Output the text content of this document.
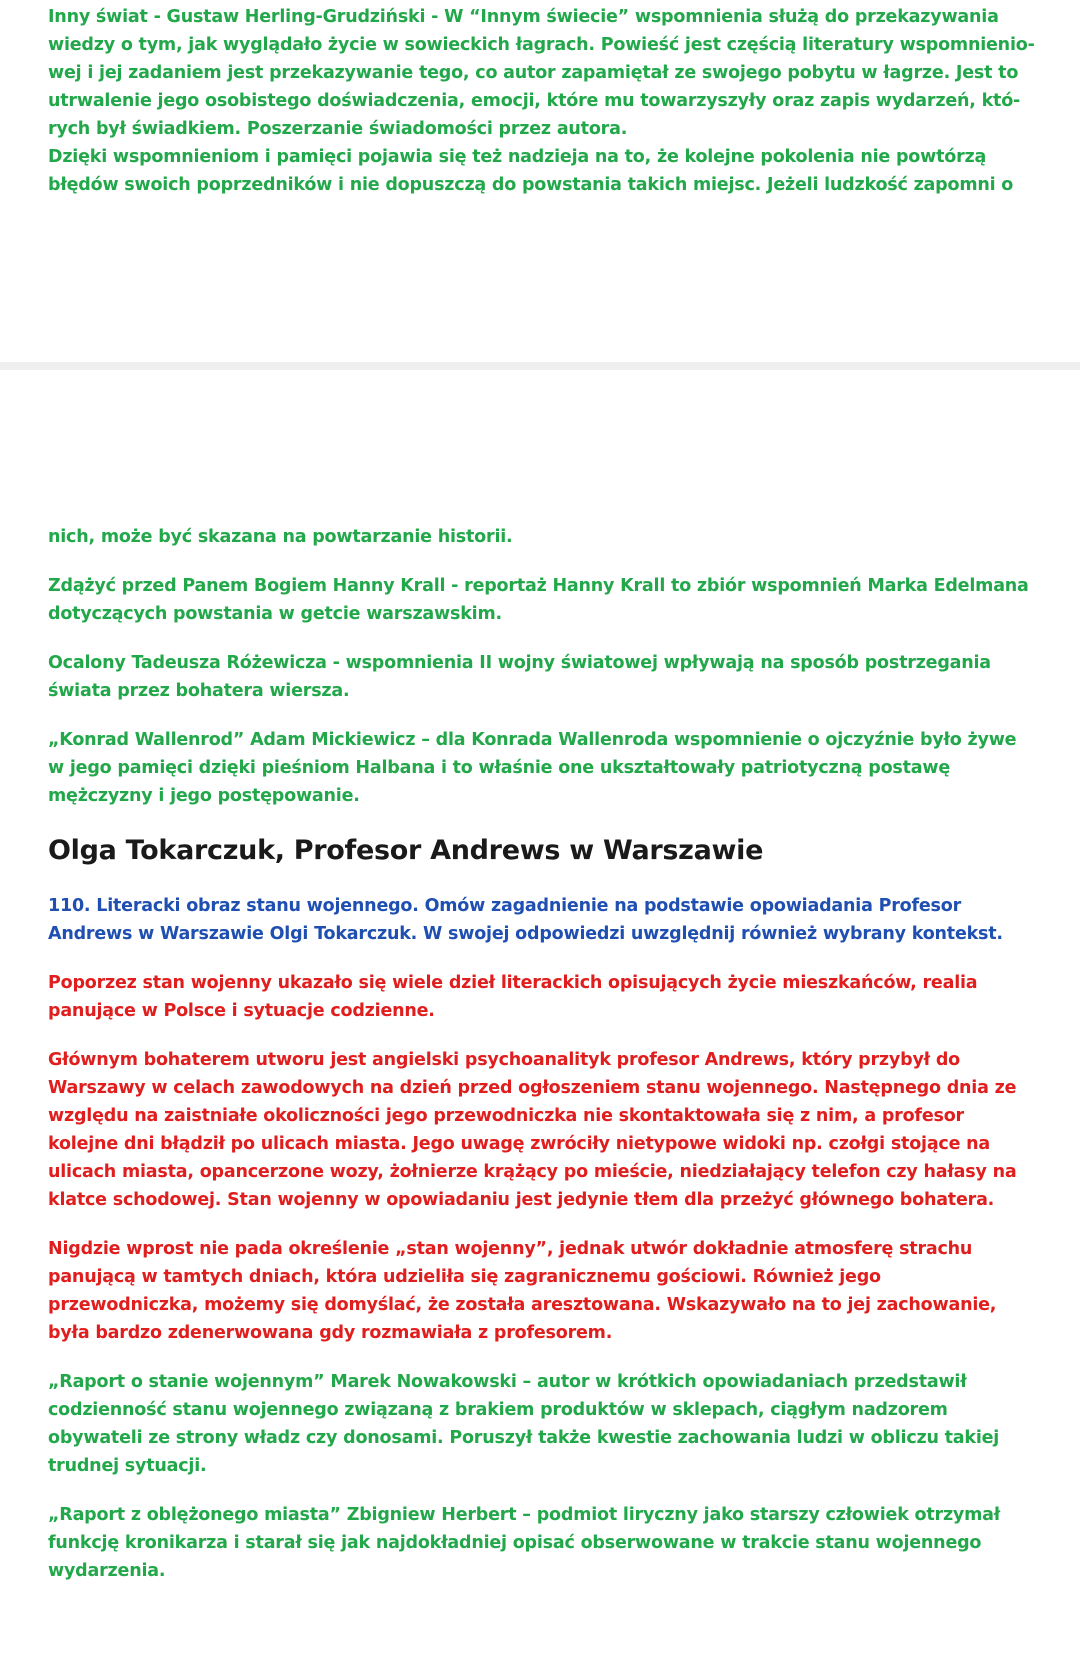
Inny świat - Gustaw Herling-Grudziński - W “Innym świecie” wspomnienia służą do przekazywania
wiedzy o tym, jak wyglądało życie w sowieckich łagrach. Powieść jest częścią literatury wspomnienio-
wej i jej zadaniem jest przekazywanie tego, co autor zapamiętał ze swojego pobytu w łagrze. Jest to
utrwalenie jego osobistego doświadczenia, emocji, które mu towarzyszyły oraz zapis wydarzeń, któ-
rych był świadkiem. Poszerzanie świadomości przez autora.
Dzięki wspomnieniom i pamięci pojawia się też nadzieja na to, że kolejne pokolenia nie powtórzą
błędów swoich poprzedników i nie dopuszczą do powstania takich miejsc. Jeżeli ludzkość zapomni o

nich, może być skazana na powtarzanie historii.

Zdążyć przed Panem Bogiem Hanny Krall - reportaż Hanny Krall to zbiór wspomnień Marka Edelmana
dotyczących powstania w getcie warszawskim.

Ocalony Tadeusza Różewicza - wspomnienia II wojny światowej wpływają na sposób postrzegania
świata przez bohatera wiersza.

„Konrad Wallenrod” Adam Mickiewicz – dla Konrada Wallenroda wspomnienie o ojczyźnie było żywe
w jego pamięci dzięki pieśniom Halbana i to właśnie one ukształtowały patriotyczną postawę
mężczyzny i jego postępowanie.

Olga Tokarczuk, Profesor Andrews w Warszawie

110. Literacki obraz stanu wojennego. Omów zagadnienie na podstawie opowiadania Profesor
Andrews w Warszawie Olgi Tokarczuk. W swojej odpowiedzi uwzględnij również wybrany kontekst.

Poporzez stan wojenny ukazało się wiele dzieł literackich opisujących życie mieszkańców, realia
panujące w Polsce i sytuacje codzienne.

Głównym bohaterem utworu jest angielski psychoanalityk profesor Andrews, który przybył do
Warszawy w celach zawodowych na dzień przed ogłoszeniem stanu wojennego. Następnego dnia ze
względu na zaistniałe okoliczności jego przewodniczka nie skontaktowała się z nim, a profesor
kolejne dni błądził po ulicach miasta. Jego uwagę zwróciły nietypowe widoki np. czołgi stojące na
ulicach miasta, opancerzone wozy, żołnierze krążący po mieście, niedziałający telefon czy hałasy na
klatce schodowej. Stan wojenny w opowiadaniu jest jedynie tłem dla przeżyć głównego bohatera.

Nigdzie wprost nie pada określenie „stan wojenny”, jednak utwór dokładnie atmosferę strachu
panującą w tamtych dniach, która udzieliła się zagranicznemu gościowi. Również jego
przewodniczka, możemy się domyślać, że została aresztowana. Wskazywało na to jej zachowanie,
była bardzo zdenerwowana gdy rozmawiała z profesorem.

„Raport o stanie wojennym” Marek Nowakowski – autor w krótkich opowiadaniach przedstawił
codzienność stanu wojennego związaną z brakiem produktów w sklepach, ciągłym nadzorem
obywateli ze strony władz czy donosami. Poruszył także kwestie zachowania ludzi w obliczu takiej
trudnej sytuacji.

„Raport z oblężonego miasta” Zbigniew Herbert – podmiot liryczny jako starszy człowiek otrzymał
funkcję kronikarza i starał się jak najdokładniej opisać obserwowane w trakcie stanu wojennego
wydarzenia.
